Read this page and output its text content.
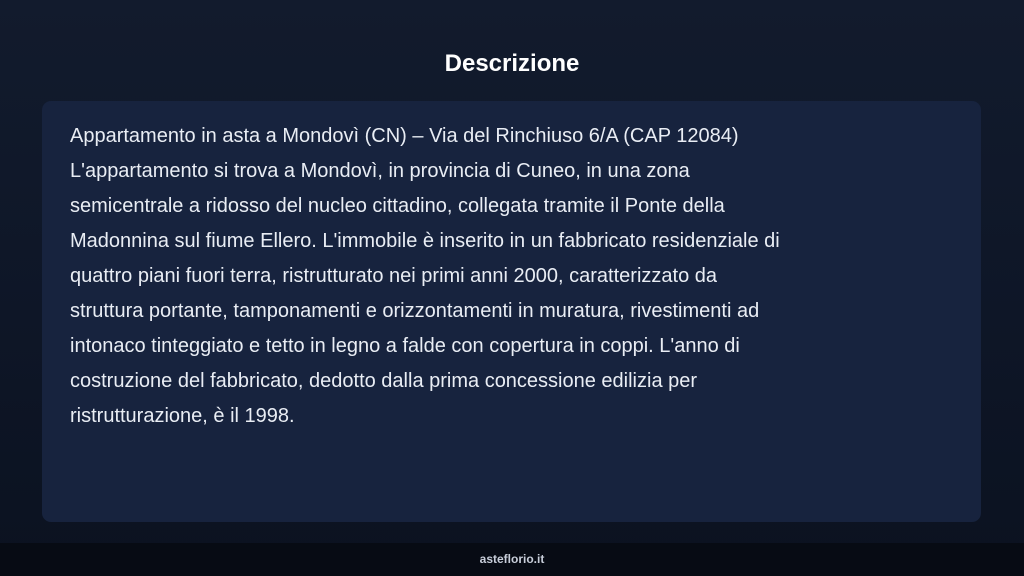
Descrizione
Appartamento in asta a Mondovì (CN) – Via del Rinchiuso 6/A (CAP 12084)
L'appartamento si trova a Mondovì, in provincia di Cuneo, in una zona
semicentrale a ridosso del nucleo cittadino, collegata tramite il Ponte della
Madonnina sul fiume Ellero. L'immobile è inserito in un fabbricato residenziale di
quattro piani fuori terra, ristrutturato nei primi anni 2000, caratterizzato da
struttura portante, tamponamenti e orizzontamenti in muratura, rivestimenti ad
intonaco tinteggiato e tetto in legno a falde con copertura in coppi. L'anno di
costruzione del fabbricato, dedotto dalla prima concessione edilizia per
ristrutturazione, è il 1998.
asteflorio.it
